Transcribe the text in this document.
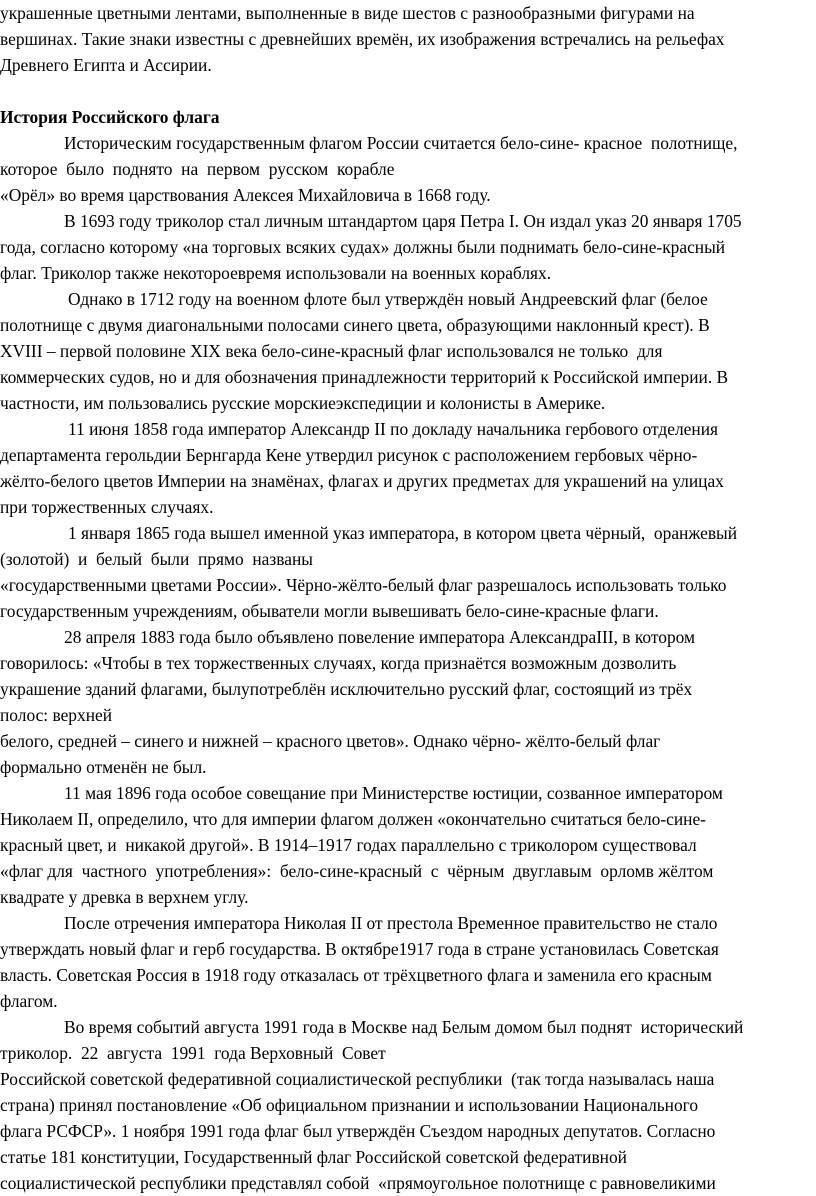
украшенные цветными лентами, выполненные в виде шестов с разнообразными фигурами на
вершинах. Такие знаки известны с древнейших времён, их изображения встречались на рельефах
Древнего Египта и Ассирии.
История Российского флага
Историческим государственным флагом России считается бело-сине- красное  полотнище,
которое  было  поднято  на  первом  русском  корабле
«Орёл» во время царствования Алексея Михайловича в 1668 году.
В 1693 году триколор стал личным штандартом царя Петра I. Он издал указ 20 января 1705
года, согласно которому «на торговых всяких судах» должны были поднимать бело-сине-красный
флаг. Триколор также некотороевремя использовали на военных кораблях.
Однако в 1712 году на военном флоте был утверждён новый Андреевский флаг (белое
полотнище с двумя диагональными полосами синего цвета, образующими наклонный крест). В
XVIII – первой половине XIX века бело-сине-красный флаг использовался не только  для
коммерческих судов, но и для обозначения принадлежности территорий к Российской империи. В
частности, им пользовались русские морскиеэкспедиции и колонисты в Америке.
11 июня 1858 года император Александр II по докладу начальника гербового отделения
департамента герольдии Бернгарда Кене утвердил рисунок с расположением гербовых чёрно-
жёлто-белого цветов Империи на знамёнах, флагах и других предметах для украшений на улицах
при торжественных случаях.
1 января 1865 года вышел именной указ императора, в котором цвета чёрный,  оранжевый
(золотой)  и  белый  были  прямо  названы
«государственными цветами России». Чёрно-жёлто-белый флаг разрешалось использовать только
государственным учреждениям, обыватели могли вывешивать бело-сине-красные флаги.
28 апреля 1883 года было объявлено повеление императора АлександраIII, в котором
говорилось: «Чтобы в тех торжественных случаях, когда признаётся возможным дозволить
украшение зданий флагами, былупотреблён исключительно русский флаг, состоящий из трёх
полос: верхней
белого, средней – синего и нижней – красного цветов». Однако чёрно- жёлто-белый флаг
формально отменён не был.
11 мая 1896 года особое совещание при Министерстве юстиции, созванное императором
Николаем II, определило, что для империи флагом должен «окончательно считаться бело-сине-
красный цвет, и  никакой другой». В 1914–1917 годах параллельно с триколором существовал
«флаг для  частного  употребления»:  бело-сине-красный  с  чёрным  двуглавым  орломв жёлтом
квадрате у древка в верхнем углу.
После отречения императора Николая II от престола Временное правительство не стало
утверждать новый флаг и герб государства. В октябре1917 года в стране установилась Советская
власть. Советская Россия в 1918 году отказалась от трёхцветного флага и заменила его красным
флагом.
Во время событий августа 1991 года в Москве над Белым домом был поднят  исторический
триколор.  22  августа  1991  года Верховный  Совет
Российской советской федеративной социалистической республики  (так тогда называлась наша
страна) принял постановление «Об официальном признании и использовании Национального
флага РСФСР». 1 ноября 1991 года флаг был утверждён Съездом народных депутатов. Согласно
статье 181 конституции, Государственный флаг Российской советской федеративной
социалистической республики представлял собой  «прямоугольное полотнище с равновеликими
